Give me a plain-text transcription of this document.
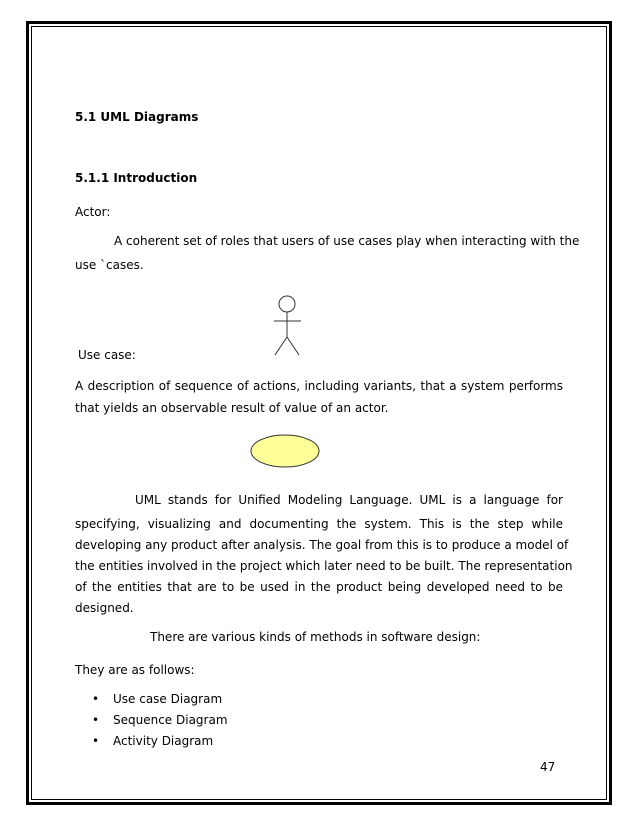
5.1 UML Diagrams
5.1.1 Introduction
Actor:
A coherent set of roles that users of use cases play when interacting with the
use `cases.
Use case:
A description of sequence of actions, including variants, that a system performs
that yields an observable result of value of an actor.
UML stands for Unified Modeling Language. UML is a language for
specifying, visualizing and documenting the system. This is the step while
developing any product after analysis. The goal from this is to produce a model of
the entities involved in the project which later need to be built. The representation
of the entities that are to be used in the product being developed need to be
designed.
There are various kinds of methods in software design:
They are as follows:
• Use case Diagram
• Sequence Diagram
• Activity Diagram
47
